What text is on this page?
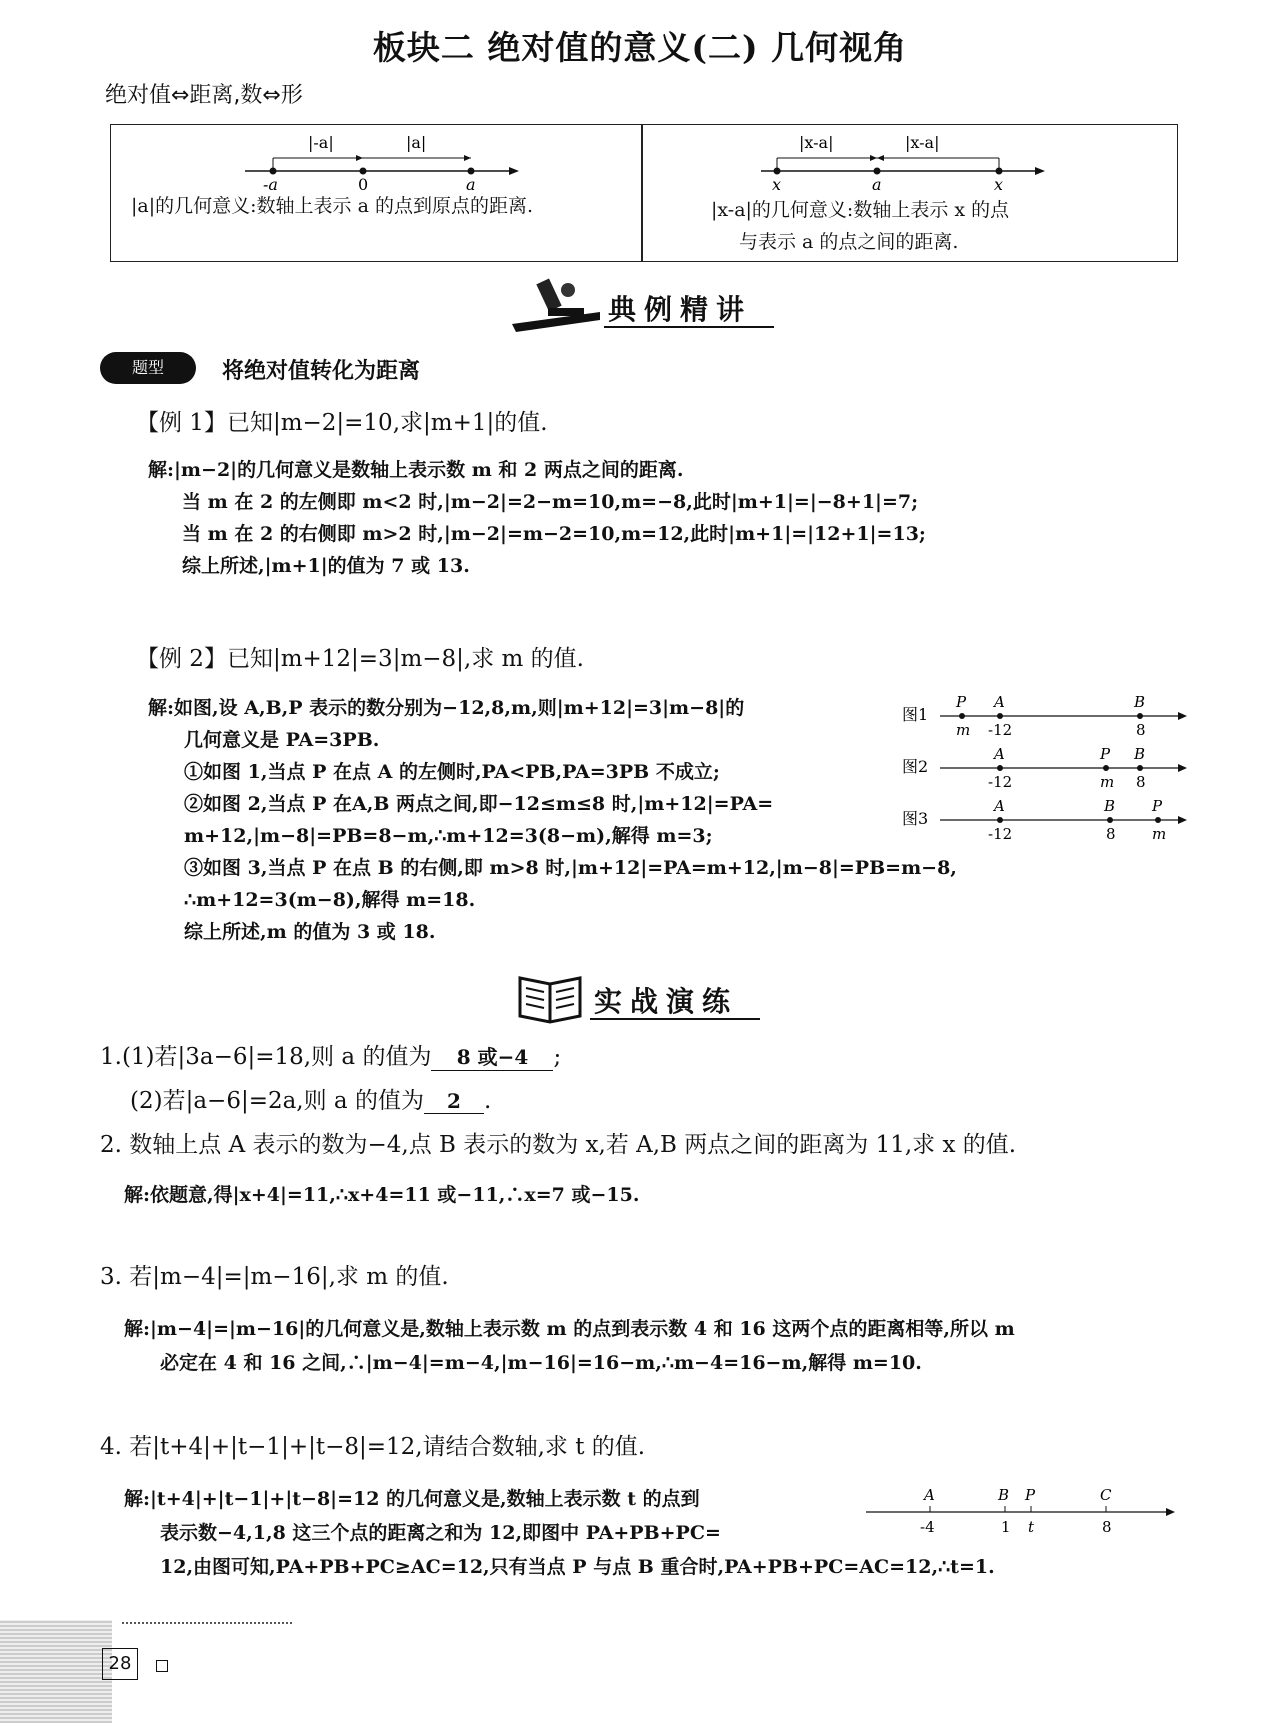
板块二 绝对值的意义(二) 几何视角
绝对值⇔距离,数⇔形
|-a|	|a|
-a	0	a
|a|的几何意义:数轴上表示 a 的点到原点的距离.
|x-a|	|x-a|
x	a	x
|x-a|的几何意义:数轴上表示 x 的点
与表示 a 的点之间的距离.
典例精讲
题型	将绝对值转化为距离
【例 1】已知|m−2|=10,求|m+1|的值.
解:|m−2|的几何意义是数轴上表示数 m 和 2 两点之间的距离.
当 m 在 2 的左侧即 m<2 时,|m−2|=2−m=10,m=−8,此时|m+1|=|−8+1|=7;
当 m 在 2 的右侧即 m>2 时,|m−2|=m−2=10,m=12,此时|m+1|=|12+1|=13;
综上所述,|m+1|的值为 7 或 13.
【例 2】已知|m+12|=3|m−8|,求 m 的值.
解:如图,设 A,B,P 表示的数分别为−12,8,m,则|m+12|=3|m−8|的
几何意义是 PA=3PB.
①如图 1,当点 P 在点 A 的左侧时,PA<PB,PA=3PB 不成立;
②如图 2,当点 P 在A,B 两点之间,即−12≤m≤8 时,|m+12|=PA=
m+12,|m−8|=PB=8−m,∴m+12=3(8−m),解得 m=3;
③如图 3,当点 P 在点 B 的右侧,即 m>8 时,|m+12|=PA=m+12,|m−8|=PB=m−8,
∴m+12=3(m−8),解得 m=18.
综上所述,m 的值为 3 或 18.
图1
P A	B
m -12	8
图2
A	P B
-12	m 8
图3
A	B P
-12	8 m
实战演练
1.(1)若|3a−6|=18,则 a 的值为 8 或−4 ;
(2)若|a−6|=2a,则 a 的值为 2 .
2. 数轴上点 A 表示的数为−4,点 B 表示的数为 x,若 A,B 两点之间的距离为 11,求 x 的值.
解:依题意,得|x+4|=11,∴x+4=11 或−11,∴x=7 或−15.
3. 若|m−4|=|m−16|,求 m 的值.
解:|m−4|=|m−16|的几何意义是,数轴上表示数 m 的点到表示数 4 和 16 这两个点的距离相等,所以 m
必定在 4 和 16 之间,∴|m−4|=m−4,|m−16|=16−m,∴m−4=16−m,解得 m=10.
4. 若|t+4|+|t−1|+|t−8|=12,请结合数轴,求 t 的值.
解:|t+4|+|t−1|+|t−8|=12 的几何意义是,数轴上表示数 t 的点到
表示数−4,1,8 这三个点的距离之和为 12,即图中 PA+PB+PC=
12,由图可知,PA+PB+PC≥AC=12,只有当点 P 与点 B 重合时,PA+PB+PC=AC=12,∴t=1.
A	B P	C
-4	1 t	8
28
